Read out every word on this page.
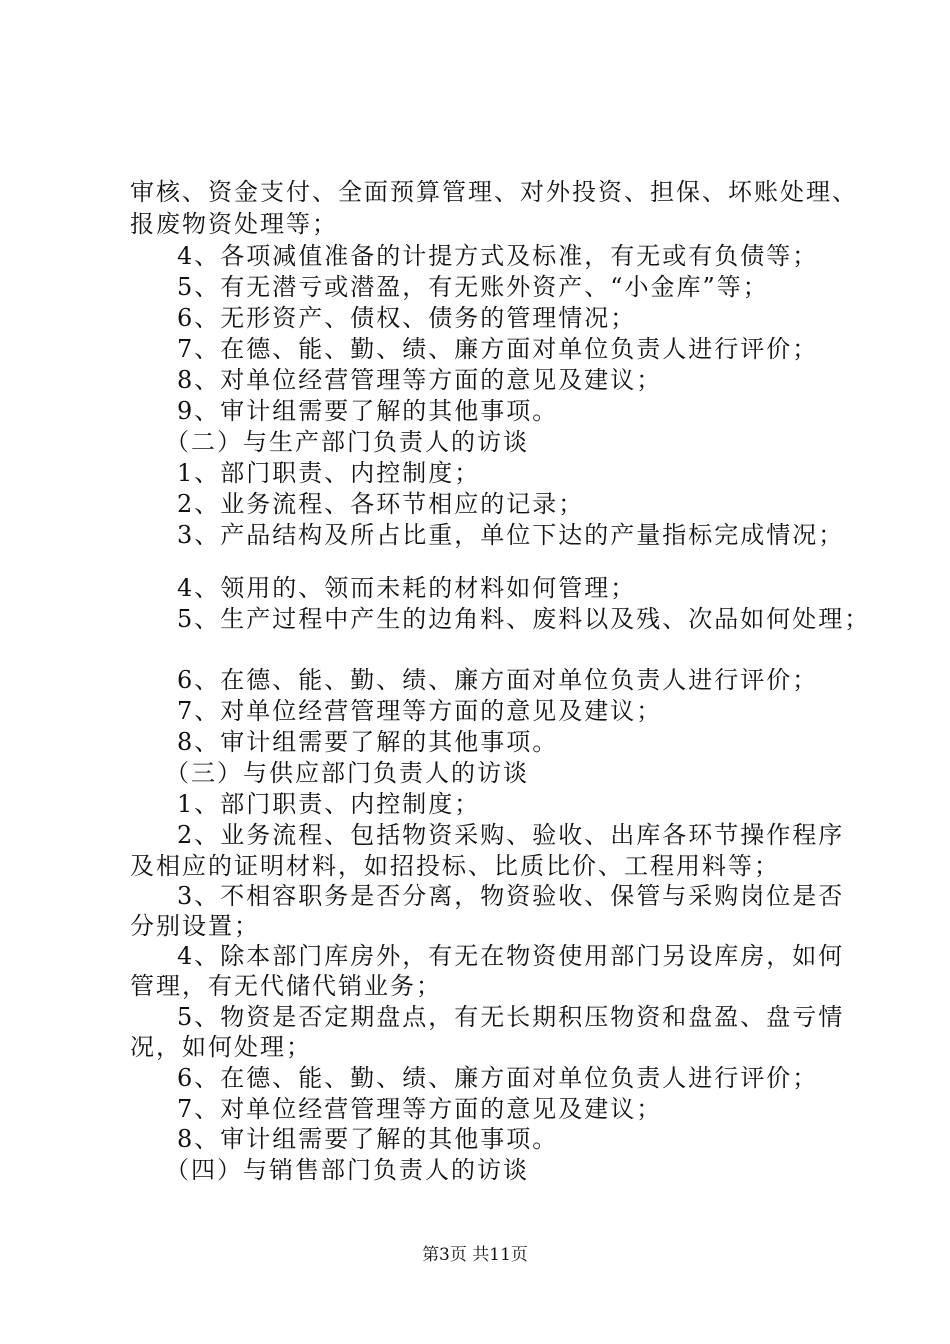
审核、资金支付、全面预算管理、对外投资、担保、坏账处理、
报废物资处理等；
4、各项减值准备的计提方式及标准，有无或有负债等；
5、有无潜亏或潜盈，有无账外资产、“小金库”等；
6、无形资产、债权、债务的管理情况；
7、在德、能、勤、绩、廉方面对单位负责人进行评价；
8、对单位经营管理等方面的意见及建议；
9、审计组需要了解的其他事项。
（二）与生产部门负责人的访谈
1、部门职责、内控制度；
2、业务流程、各环节相应的记录；
3、产品结构及所占比重，单位下达的产量指标完成情况；
4、领用的、领而未耗的材料如何管理；
5、生产过程中产生的边角料、废料以及残、次品如何处理；
6、在德、能、勤、绩、廉方面对单位负责人进行评价；
7、对单位经营管理等方面的意见及建议；
8、审计组需要了解的其他事项。
（三）与供应部门负责人的访谈
1、部门职责、内控制度；
2、业务流程、包括物资采购、验收、出库各环节操作程序
及相应的证明材料，如招投标、比质比价、工程用料等；
3、不相容职务是否分离，物资验收、保管与采购岗位是否
分别设置；
4、除本部门库房外，有无在物资使用部门另设库房，如何
管理，有无代储代销业务；
5、物资是否定期盘点，有无长期积压物资和盘盈、盘亏情
况，如何处理；
6、在德、能、勤、绩、廉方面对单位负责人进行评价；
7、对单位经营管理等方面的意见及建议；
8、审计组需要了解的其他事项。
（四）与销售部门负责人的访谈
第3页 共11页
